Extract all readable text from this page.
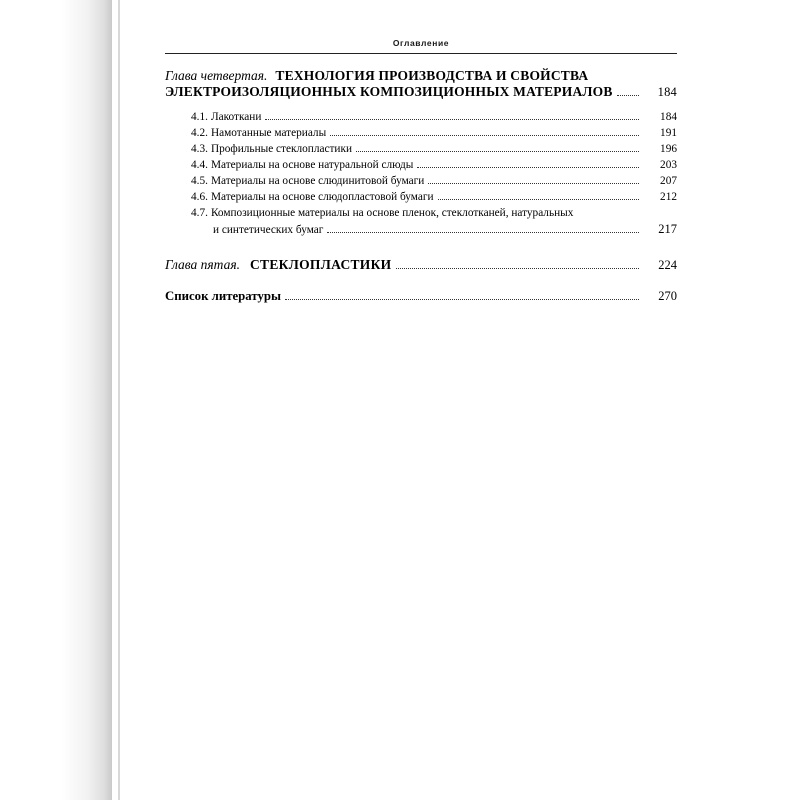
Оглавление
Глава четвертая. ТЕХНОЛОГИЯ ПРОИЗВОДСТВА И СВОЙСТВА
ЭЛЕКТРОИЗОЛЯЦИОННЫХ КОМПОЗИЦИОННЫХ МАТЕРИАЛОВ	184
4.1. Лакоткани	184
4.2. Намотанные материалы	191
4.3. Профильные стеклопластики	196
4.4. Материалы на основе натуральной слюды	203
4.5. Материалы на основе слюдинитовой бумаги	207
4.6. Материалы на основе слюдопластовой бумаги	212
4.7. Композиционные материалы на основе пленок, стеклотканей, натуральных
и синтетических бумаг	217
Глава пятая. СТЕКЛОПЛАСТИКИ	224
Список литературы	270
